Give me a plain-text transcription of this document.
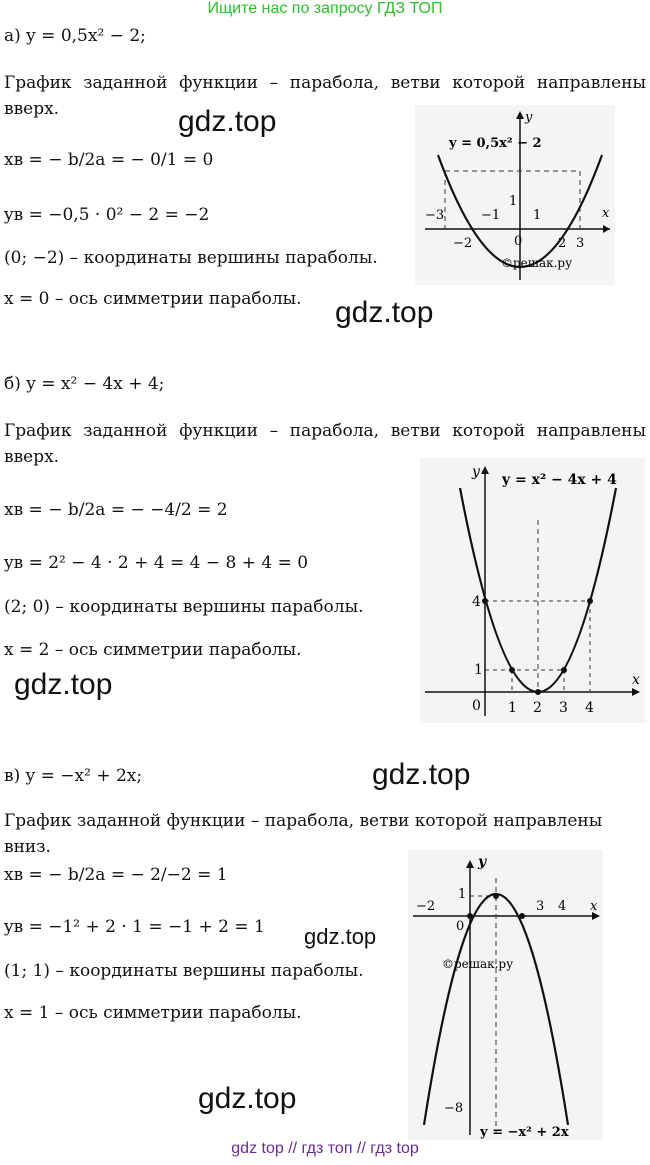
Ищите нас по запросу ГДЗ ТОП
а) y = 0,5x² − 2;
График заданной функции – парабола, ветви которой направлены вверх.
xв = − b/2a = − 0/1 = 0
yв = −0,5 · 0² − 2 = −2
(0; −2) – координаты вершины параболы.
x = 0 – ось симметрии параболы.
y = 0,5x² − 2
x
y
−3
−2
−1
0
1
2 3
1
©решак.ру
б) y = x² − 4x + 4;
График заданной функции – парабола, ветви которой направлены вверх.
xв = − b/2a = − −4/2 = 2
yв = 2² − 4 · 2 + 4 = 4 − 8 + 4 = 0
(2; 0) – координаты вершины параболы.
x = 2 – ось симметрии параболы.
y = x² − 4x + 4
x
y
0 1 2 3 4
4
1
в) y = −x² + 2x;
График заданной функции – парабола, ветви которой направлены вниз.
xв = − b/2a = − 2/−2 = 1
yв = −1² + 2 · 1 = −1 + 2 = 1
(1; 1) – координаты вершины параболы.
x = 1 – ось симметрии параболы.
y = −x² + 2x
x
y
−2
0
3 4
1
−8
©решак.ру
gdz.top
gdz.top
gdz.top
gdz.top
gdz.top
gdz.top
gdz top // гдз топ // гдз top
